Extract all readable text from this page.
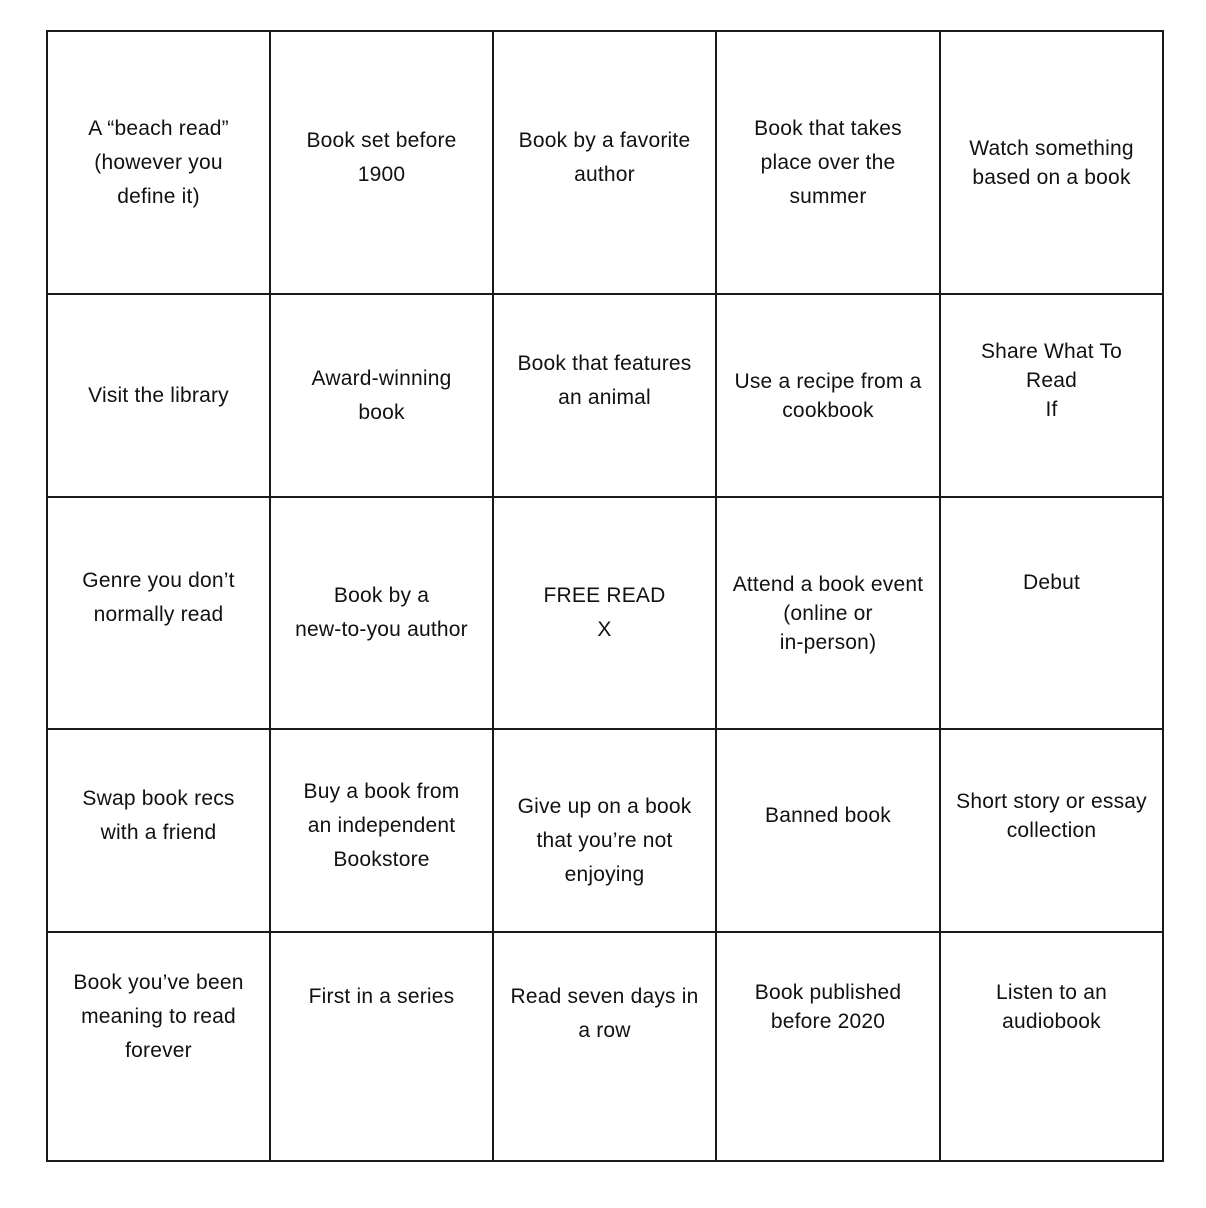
A “beach read”
(however you
define it)
Book set before
1900
Book by a favorite
author
Book that takes
place over the
summer
Watch something
based on a book
Visit the library
Award-winning
book
Book that features
an animal
Use a recipe from a
cookbook
Share What To Read
If
Genre you don’t
normally read
Book by a
new-to-you author
FREE READ
X
Attend a book event
(online or
in-person)
Debut
Swap book recs
with a friend
Buy a book from
an independent
Bookstore
Give up on a book
that you’re not
enjoying
Banned book
Short story or essay
collection
Book you’ve been
meaning to read
forever
First in a series	Read seven days in
a row
Book published
before 2020
Listen to an
audiobook
